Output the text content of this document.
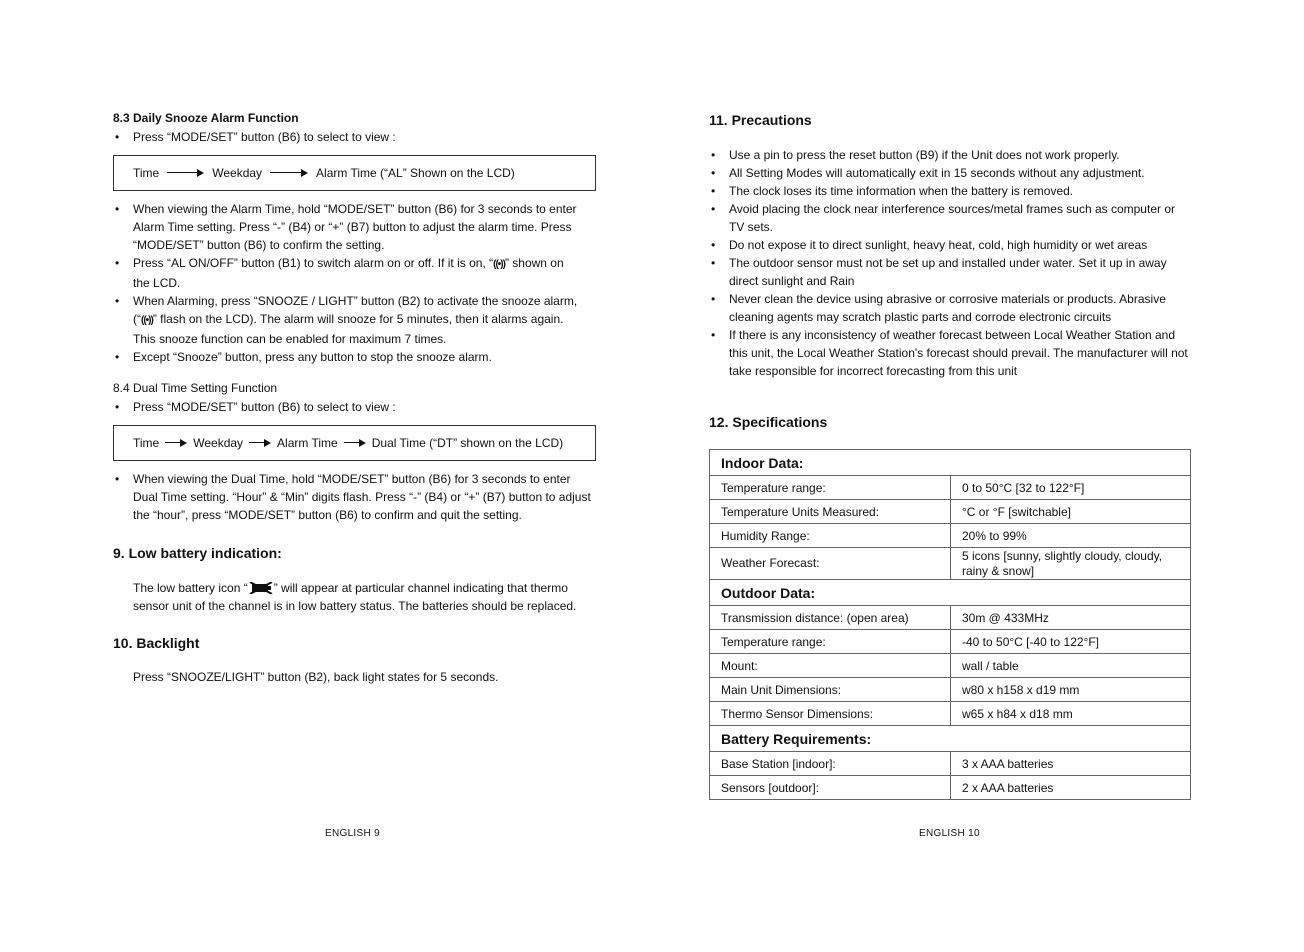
8.3 Daily Snooze Alarm Function
• Press “MODE/SET” button (B6) to select to view :
Time	Weekday	Alarm Time (“AL” Shown on the LCD)
• When viewing the Alarm Time, hold “MODE/SET” button (B6) for 3 seconds to enter
Alarm Time setting. Press “-” (B4) or “+” (B7) button to adjust the alarm time. Press
“MODE/SET” button (B6) to confirm the setting.
• Press “AL ON/OFF” button (B1) to switch alarm on or off. If it is on, “((•))” shown on
the LCD.
• When Alarming, press “SNOOZE / LIGHT” button (B2) to activate the snooze alarm,
(“((•))” flash on the LCD). The alarm will snooze for 5 minutes, then it alarms again.
This snooze function can be enabled for maximum 7 times.
• Except “Snooze” button, press any button to stop the snooze alarm.
8.4 Dual Time Setting Function
• Press “MODE/SET” button (B6) to select to view :
Time	Weekday	Alarm Time	Dual Time (“DT” shown on the LCD)
• When viewing the Dual Time, hold “MODE/SET” button (B6) for 3 seconds to enter
Dual Time setting. “Hour” & “Min” digits flash. Press “-” (B4) or “+” (B7) button to adjust
the “hour”, press “MODE/SET” button (B6) to confirm and quit the setting.
9. Low battery indication:
The low battery icon “ ” will appear at particular channel indicating that thermo
sensor unit of the channel is in low battery status. The batteries should be replaced.
10. Backlight
Press “SNOOZE/LIGHT” button (B2), back light states for 5 seconds.
ENGLISH 9
11. Precautions
• Use a pin to press the reset button (B9) if the Unit does not work properly.
• All Setting Modes will automatically exit in 15 seconds without any adjustment.
• The clock loses its time information when the battery is removed.
• Avoid placing the clock near interference sources/metal frames such as computer or
TV sets.
• Do not expose it to direct sunlight, heavy heat, cold, high humidity or wet areas
• The outdoor sensor must not be set up and installed under water. Set it up in away
direct sunlight and Rain
• Never clean the device using abrasive or corrosive materials or products. Abrasive
cleaning agents may scratch plastic parts and corrode electronic circuits
• If there is any inconsistency of weather forecast between Local Weather Station and
this unit, the Local Weather Station's forecast should prevail. The manufacturer will not
take responsible for incorrect forecasting from this unit
12. Specifications
Indoor Data:	
Temperature range:	0 to 50°C [32 to 122°F]
Temperature Units Measured:	°C or °F [switchable]
Humidity Range:	20% to 99%
Weather Forecast:	5 icons [sunny, slightly cloudy, cloudy,
rainy & snow]
Outdoor Data:	
Transmission distance: (open area)	30m @ 433MHz
Temperature range:	-40 to 50°C [-40 to 122°F]
Mount:	wall / table
Main Unit Dimensions:	w80 x h158 x d19 mm
Thermo Sensor Dimensions:	w65 x h84 x d18 mm
Battery Requirements:	
Base Station [indoor]:	3 x AAA batteries
Sensors [outdoor]:	2 x AAA batteries
ENGLISH 10
